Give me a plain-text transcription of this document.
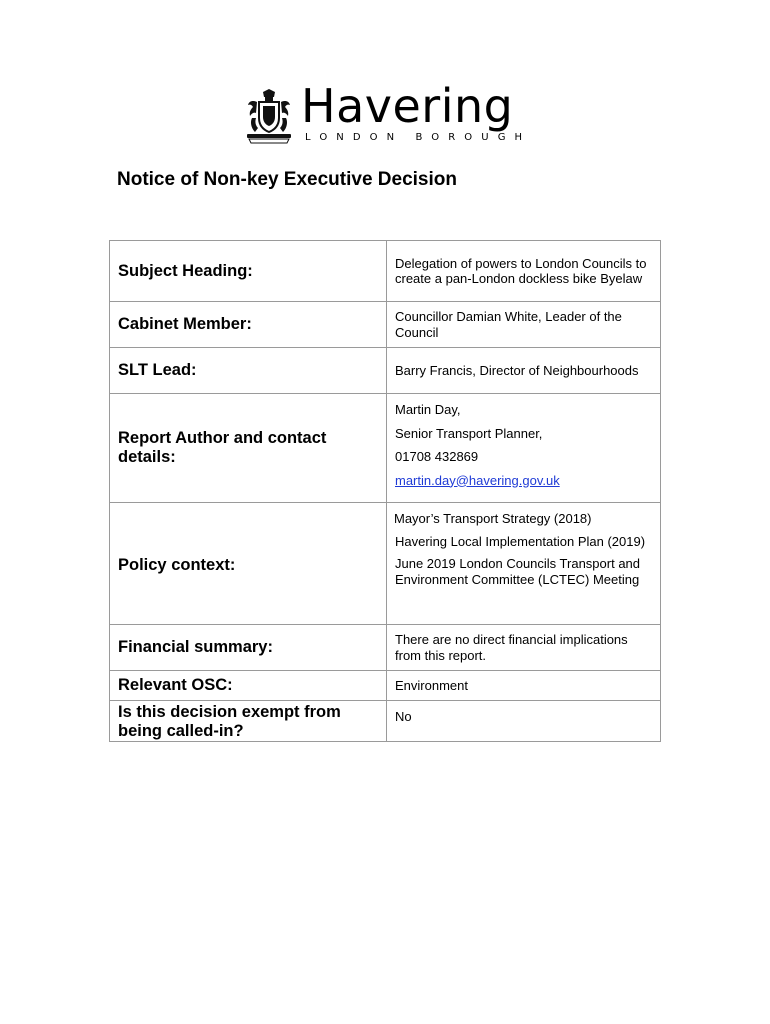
Havering
LONDON BOROUGH
Notice of Non-key Executive Decision
Subject Heading:	Delegation of powers to London Councils to create a pan-London dockless bike Byelaw
Cabinet Member:	Councillor Damian White, Leader of the Council
SLT Lead:	Barry Francis, Director of Neighbourhoods
Report Author and contact details:	Martin Day,
Senior Transport Planner,
01708 432869
martin.day@havering.gov.uk

Policy context:	Mayor’s Transport Strategy (2018)
Havering Local Implementation Plan (2019)
June 2019 London Councils Transport and Environment Committee (LCTEC) Meeting

Financial summary:	There are no direct financial implications from this report.
Relevant OSC:	Environment
Is this decision exempt from being called-in?	No
